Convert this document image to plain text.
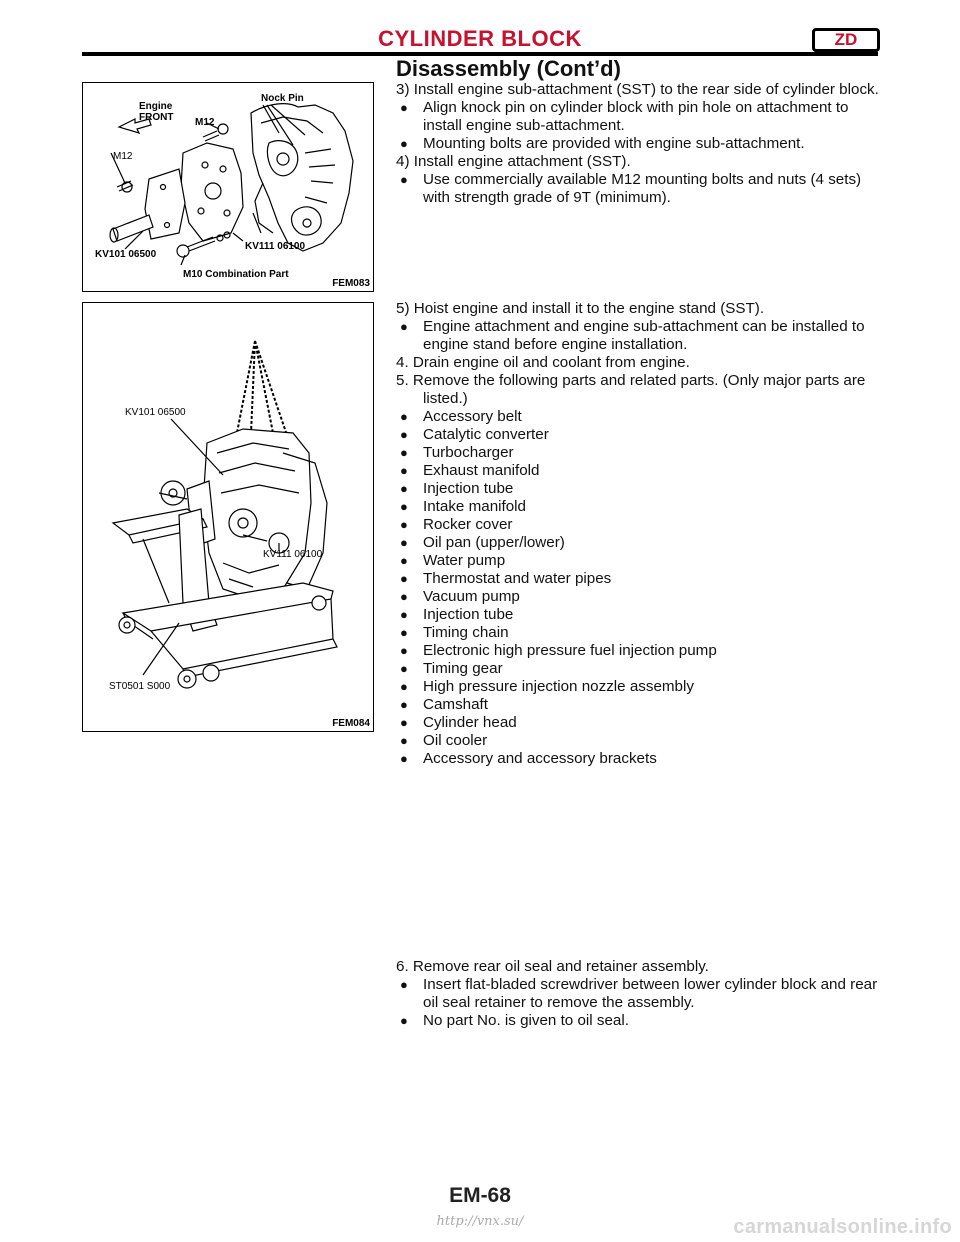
CYLINDER BLOCK	ZD
Disassembly (Cont’d)
Engine
FRONT
Nock Pin
M12
M12
KV101 06500
KV111 06100
M10 Combination Part
FEM083
KV101 06500
KV111 06100
ST0501 S000
FEM084
3) Install engine sub-attachment (SST) to the rear side of cylinder block.
● Align knock pin on cylinder block with pin hole on attachment to install engine sub-attachment.
● Mounting bolts are provided with engine sub-attachment.
4) Install engine attachment (SST).
● Use commercially available M12 mounting bolts and nuts (4 sets) with strength grade of 9T (minimum).
5) Hoist engine and install it to the engine stand (SST).
● Engine attachment and engine sub-attachment can be installed to engine stand before engine installation.
4. Drain engine oil and coolant from engine.
5. Remove the following parts and related parts. (Only major parts are listed.)
● Accessory belt
● Catalytic converter
● Turbocharger
● Exhaust manifold
● Injection tube
● Intake manifold
● Rocker cover
● Oil pan (upper/lower)
● Water pump
● Thermostat and water pipes
● Vacuum pump
● Injection tube
● Timing chain
● Electronic high pressure fuel injection pump
● Timing gear
● High pressure injection nozzle assembly
● Camshaft
● Cylinder head
● Oil cooler
● Accessory and accessory brackets
6. Remove rear oil seal and retainer assembly.
● Insert flat-bladed screwdriver between lower cylinder block and rear oil seal retainer to remove the assembly.
● No part No. is given to oil seal.
EM-68
http://vnx.su/	carmanualsonline.info
